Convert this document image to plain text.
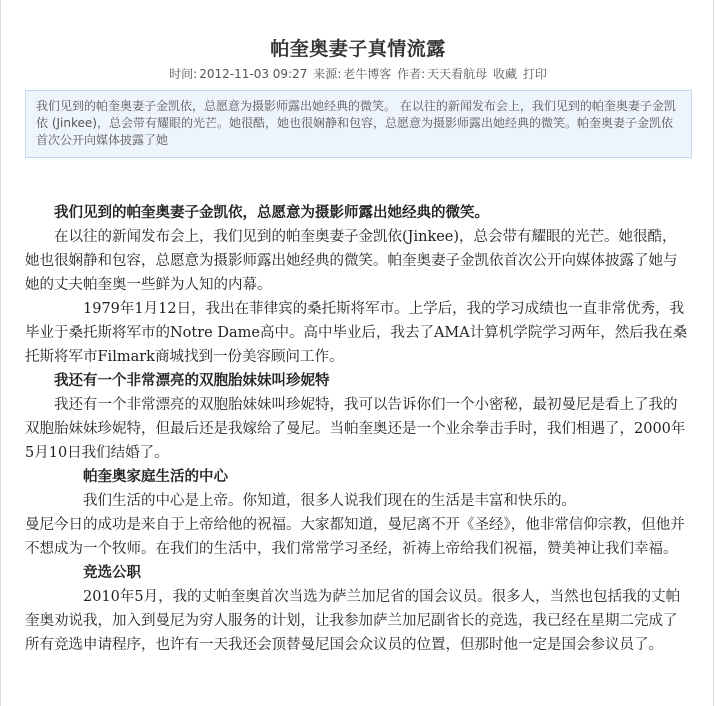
帕奎奥妻子真情流露
时间: 2012-11-03 09:27 来源: 老牛博客 作者: 天天看航母 收藏 打印
我们见到的帕奎奥妻子金凯依，总愿意为摄影师露出她经典的微笑。 在以往的新闻发布会上，我们见到的帕奎奥妻子金凯依 (Jinkee)，总会带有耀眼的光芒。她很酷，她也很娴静和包容，总愿意为摄影师露出她经典的微笑。帕奎奥妻子金凯依首次公开向媒体披露了她

我们见到的帕奎奥妻子金凯依，总愿意为摄影师露出她经典的微笑。

在以往的新闻发布会上，我们见到的帕奎奥妻子金凯依(Jinkee)，总会带有耀眼的光芒。她很酷，她也很娴静和包容，总愿意为摄影师露出她经典的微笑。帕奎奥妻子金凯依首次公开向媒体披露了她与她的丈夫帕奎奥一些鲜为人知的内幕。

1979年1月12日，我出在菲律宾的桑托斯将军市。上学后，我的学习成绩也一直非常优秀，我毕业于桑托斯将军市的Notre Dame高中。高中毕业后，我去了AMA计算机学院学习两年，然后我在桑托斯将军市Filmark商城找到一份美容顾问工作。

我还有一个非常漂亮的双胞胎妹妹叫珍妮特

我还有一个非常漂亮的双胞胎妹妹叫珍妮特，我可以告诉你们一个小密秘，最初曼尼是看上了我的双胞胎妹妹珍妮特，但最后还是我嫁给了曼尼。当帕奎奥还是一个业余拳击手时，我们相遇了，2000年5月10日我们结婚了。

帕奎奥家庭生活的中心

我们生活的中心是上帝。你知道，很多人说我们现在的生活是丰富和快乐的。

曼尼今日的成功是来自于上帝给他的祝福。大家都知道，曼尼离不开《圣经》，他非常信仰宗教，但他并不想成为一个牧师。在我们的生活中，我们常常学习圣经，祈祷上帝给我们祝福，赞美神让我们幸福。

竞选公职

2010年5月，我的丈帕奎奥首次当选为萨兰加尼省的国会议员。很多人，当然也包括我的丈帕奎奥劝说我，加入到曼尼为穷人服务的计划，让我参加萨兰加尼副省长的竞选，我已经在星期二完成了所有竞选申请程序，也许有一天我还会顶替曼尼国会众议员的位置，但那时他一定是国会参议员了。
